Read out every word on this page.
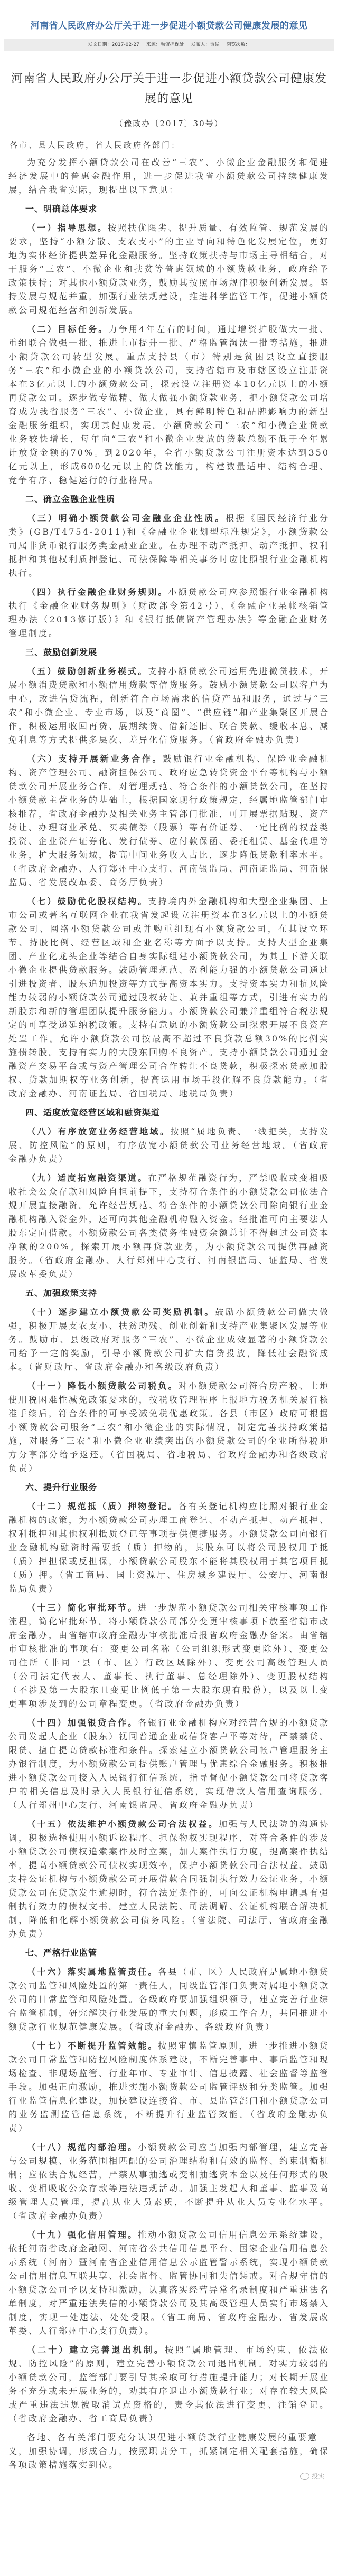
河南省人民政府办公厅关于进一步促进小额贷款公司健康发展的意见
发文日期：2017-02-27 来源：融资担保处 发布人：贾猛 浏览次数：
河南省人民政府办公厅关于进一步促进小额贷款公司健康发展的意见
（豫政办〔2017〕30号）
各市、县人民政府，省人民政府各部门：

为充分发挥小额贷款公司在改善“三农”、小微企业金融服务和促进经济发展中的普惠金融作用，进一步促进我省小额贷款公司持续健康发展，结合我省实际，现提出以下意见：

一、明确总体要求

（一）指导思想。按照扶优限劣、提升质量、有效监管、规范发展的要求，坚持“小额分散、支农支小”的主业导向和特色化发展定位，更好地为实体经济提供差异化金融服务。坚持政策扶持与市场主导相结合，对于服务“三农”、小微企业和扶贫等普惠领域的小额贷款业务，政府给予政策扶持；对其他小额贷款业务，鼓励其按照市场规律积极创新发展。坚持发展与规范并重，加强行业法规建设，推进科学监管工作，促进小额贷款公司规范经营和创新发展。

（二）目标任务。力争用4年左右的时间，通过增资扩股做大一批、重组联合做强一批、推进上市提升一批、严格监管淘汰一批等措施，推进小额贷款公司转型发展。重点支持县（市）特别是贫困县设立直接服务“三农”和小微企业的小额贷款公司，支持省辖市及市辖区设立注册资本在3亿元以上的小额贷款公司，探索设立注册资本10亿元以上的小额再贷款公司。逐步做专做精、做大做强小额贷款业务，把小额贷款公司培育成为我省服务“三农”、小微企业，具有鲜明特色和品牌影响力的新型金融服务组织，实现其健康发展。小额贷款公司“三农”和小微企业贷款业务较快增长，每年向“三农”和小微企业发放的贷款总额不低于全年累计放贷金额的70%。到2020年，全省小额贷款公司注册资本达到350亿元以上，形成600亿元以上的贷款能力，构建数量适中、结构合理、竞争有序、稳健运行的行业格局。

二、确立金融企业性质

（三）明确小额贷款公司金融业企业性质。根据《国民经济行业分类》(GB/T4754-2011)和《金融业企业划型标准规定》，小额贷款公司属非货币银行服务类金融业企业。在办理不动产抵押、动产抵押、权利抵押和其他权利质押登记、司法保障等相关事务时应比照银行业金融机构执行。

（四）执行金融企业财务规则。小额贷款公司应参照银行业金融机构执行《金融企业财务规则》（财政部令第42号）、《金融企业呆帐核销管理办法（2013修订版）》和《银行抵债资产管理办法》等金融企业财务管理制度。

三、鼓励创新发展

（五）鼓励创新业务模式。支持小额贷款公司运用先进微贷技术，开展小额消费贷款和小额信用贷款等信贷服务。鼓励小额贷款公司以客户为中心，改进信贷流程，创新符合市场需求的信贷产品和服务，通过与“三农”和小微企业、专业市场，以及“商圈”、“供应链”和产业集聚区开展合作，积极运用收回再贷、展期续贷、借新还旧、联合贷款、缓收本息、减免利息等方式提供多层次、差异化信贷服务。（省政府金融办负责）

（六）支持开展新业务合作。鼓励银行业金融机构、保险业金融机构、资产管理公司、融资担保公司、政府应急转贷资金平台等机构与小额贷款公司开展业务合作。对管理规范、符合条件的小额贷款公司，在坚持小额贷款主营业务的基础上，根据国家现行政策规定，经属地监管部门审核推荐，省政府金融办及相关业务主管部门批准，可开展票据贴现、资产转让、办理商业承兑、买卖债券（股票）等有价证券、一定比例的权益类投资、企业资产证券化、发行债券、应付款保函、委托租赁、基金代理等业务，扩大服务领域，提高中间业务收入占比，逐步降低贷款利率水平。（省政府金融办、人行郑州中心支行、河南银监局、河南证监局、河南保监局、省发展改革委、商务厅负责）

（七）鼓励优化股权结构。支持境内外金融机构和大型企业集团、上市公司或著名互联网企业在我省发起设立注册资本在3亿元以上的小额贷款公司、网络小额贷款公司或并购重组现有小额贷款公司，在其设立环节、持股比例、经营区域和企业名称等方面予以支持。支持大型企业集团、产业化龙头企业等结合自身实际组建小额贷款公司，为其上下游关联小微企业提供贷款服务。鼓励管理规范、盈利能力强的小额贷款公司通过引进投资者、股东追加投资等方式提高资本实力。支持资本实力和抗风险能力较弱的小额贷款公司通过股权转让、兼并重组等方式，引进有实力的新股东和新的管理团队提升服务能力。小额贷款公司兼并重组符合税法规定的可享受递延纳税政策。支持有意愿的小额贷款公司探索开展不良资产处置工作。允许小额贷款公司按最高不超过不良贷款总额30%的比例实施债转股。支持有实力的大股东回购不良资产。支持小额贷款公司通过金融资产交易平台或与资产管理公司合作转让不良贷款，积极探索贷款加股权、贷款加期权等业务创新，提高运用市场手段化解不良贷款能力。（省政府金融办、河南证监局、省国税局、地税局负责）

四、适度放宽经营区域和融资渠道

（八）有序放宽业务经营地域。按照“属地负责、一线把关，支持发展、防控风险”的原则，有序放宽小额贷款公司业务经营地域。（省政府金融办负责）

（九）适度拓宽融资渠道。在严格规范融资行为，严禁吸收或变相吸收社会公众存款和风险自担前提下，支持符合条件的小额贷款公司依法合规开展直接融资。允许经营规范、符合条件的小额贷款公司除向银行业金融机构融入资金外，还可向其他金融机构融入资金。经批准可向主要法人股东定向借款。小额贷款公司各类债务性融资余额总计不得超过公司资本净额的200%。探索开展小额再贷款业务，为小额贷款公司提供再融资服务。（省政府金融办、人行郑州中心支行、河南银监局、证监局、省发展改革委负责）

五、加强政策支持

（十）逐步建立小额贷款公司奖励机制。鼓励小额贷款公司做大做强，积极开展支农支小、扶贫助残、创业创新和支持产业集聚区发展等业务。鼓励市、县级政府对服务“三农”、小微企业成效显著的小额贷款公司给予一定的奖励，引导小额贷款公司扩大信贷投放，降低社会融资成本。（省财政厅、省政府金融办和各级政府负责）

（十一）降低小额贷款公司税负。对小额贷款公司符合房产税、土地使用税困难性减免政策要求的，按税收管理程序上报地方税务机关履行核准手续后，符合条件的可享受减免税优惠政策。各县（市区）政府可根据小额贷款公司服务“三农”和小微企业的实际情况，制定完善扶持政策措施，对服务“三农”和小微企业业绩突出的小额贷款公司的企业所得税地方分享部分给予返还。（省国税局、省地税局、省政府金融办和各级政府负责）

六、提升行业服务

（十二）规范抵（质）押物登记。各有关登记机构应比照对银行业金融机构的政策，为小额贷款公司办理工商登记、不动产抵押、动产抵押、权利抵押和其他权利抵质登记等事项提供便捷服务。小额贷款公司向银行业金融机构融资时需要抵（质）押物的，其股东可以将公司股权用于抵（质）押担保或反担保，小额贷款公司股东不能将其股权用于其它项目抵（质）押。（省工商局、国土资源厅、住房城乡建设厅、公安厅、河南银监局负责）

（十三）简化审批环节。进一步规范小额贷款公司相关审核事项工作流程，简化审批环节。将小额贷款公司部分变更审核事项下放至省辖市政府金融办，由省辖市政府金融办审核批准后报省政府金融办备案。由省辖市审核批准的事项有：变更公司名称（公司组织形式变更除外）、变更公司住所（非同一县（市、区）行政区域除外）、变更公司高级管理人员（公司法定代表人、董事长、执行董事、总经理除外）、变更股权结构（不涉及第一大股东且变更比例低于第一大股东现有股份），以及以上变更事项涉及到的公司章程变更。（省政府金融办负责）

（十四）加强银贷合作。各银行业金融机构应对经营合规的小额贷款公司发起人企业（股东）视同普通企业或信贷客户平等对待，严禁禁贷、限贷、擅自提高贷款标准和条件。探索建立小额贷款公司帐户管理服务主办银行制度，为小额贷款公司提供账户管理与优惠综合金融服务。积极推进小额贷款公司接入人民银行征信系统，指导督促小额贷款公司将贷款客户的相关信息及时录入人民银行征信系统，实现借款人信用查询服务。（人行郑州中心支行、河南银监局、省政府金融办负责）

（十五）依法维护小额贷款公司合法权益。加强与人民法院的沟通协调，积极选择使用小额诉讼程序、担保物权实现程序，对符合条件的涉及小额贷款公司债权追索案件及时立案，加大案件执行力度，提高案件执结率，提高小额贷款公司债权实现效率，保护小额贷款公司合法权益。鼓励支持公证机构与小额贷款公司开展借款合同强制执行效力公证业务，小额贷款公司在贷款发生逾期时，符合法定条件的，可向公证机构申请具有强制执行效力的债权文书。建立人民法院、司法调解、公证机构联合解决机制，降低和化解小额贷款公司债务风险。（省法院、司法厅、省政府金融办负责）

七、严格行业监管

（十六）落实属地监管责任。各县（市、区）人民政府是属地小额贷款公司监管和风险处置的第一责任人，同级监管部门负责对属地小额贷款公司的日常监管和风险处置。各级政府要加强组织领导，建立完善行业综合监管机制，研究解决行业发展的重大问题，形成工作合力，共同推进小额贷款行业规范健康发展。（省政府金融办、各级政府负责）

（十七）不断提升监管效能。按照审慎监管原则，进一步推进小额贷款公司日常监管和防控风险制度体系建设，不断完善事中、事后监管和现场检查、非现场监管、行业年审、专业审计、信息披露、社会监督等监管手段。加强正向激励，推进实施小额贷款公司监管评级和分类监管。加强行业监管信息化建设，加快建设连接省、市、县监管部门和小额贷款公司的业务监测监管信息系统，不断提升行业监管效能。（省政府金融办负责）

（十八）规范内部治理。小额贷款公司应当加强内部管理，建立完善与公司规模、业务范围相匹配的公司治理结构和有效的监督、约束制衡机制；应依法合规经营，严禁从事抽逃或变相抽逃资本金以及任何形式的吸收、变相吸收公众存款等违法违规活动。加强主发起人和董事、监事及高级管理人员管理，提高从业人员素质，不断提升从业人员专业化水平。（省政府金融办负责）

（十九）强化信用管理。推动小额贷款公司信用信息公示系统建设，依托河南省政府金融网、河南省公共信用信息平台、国家企业信用信息公示系统（河南）暨河南省企业信用信息公示监管警示系统，实现小额贷款公司信用信息互联共享、社会监督、监管协同和失信惩戒。对合规守信的小额贷款公司予以支持和激励，认真落实经营异常名录制度和严重违法名单制度，对严重违法失信的小额贷款公司及其高级管理人员实行市场禁入制度，实现一处违法、处处受限。（省工商局、省政府金融办、省发展改革委、人行郑州中心支行负责）。

（二十）建立完善退出机制。按照“属地管理、市场约束、依法依规、防控风险”的原则，建立完善小额贷款公司退出机制。对实力较弱的小额贷款公司，监管部门要引导其采取可行措施提升能力；对长期开展业务不充分或未开展业务的，劝其有序退出小额贷款行业；对存在较大风险或严重违法违规被取消试点资格的，责令其依法进行变更、注销登记。（省政府金融办、省工商局负责）

各地、各有关部门要充分认识促进小额贷款行业健康发展的重要意义，加强协调，形成合力，按照职责分工，抓紧制定相关配套措施，确保各项政策措施落实到位。

投实
